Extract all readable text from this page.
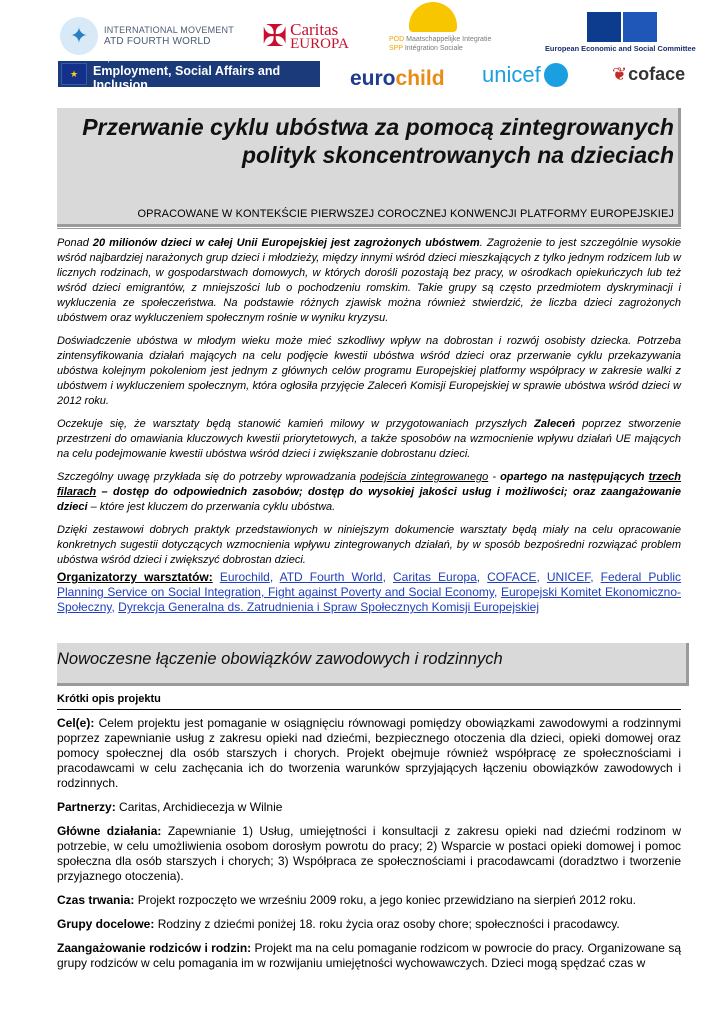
✦	INTERNATIONAL MOVEMENT
ATD FOURTH WORLD	✠ Caritas
EUROPA	POD Maatschappelijke Integratie
SPP Intégration Sociale	European Economic and Social Committee
★
European Commission
Employment, Social Affairs and Inclusion	euro child unicef	❦ coface
Przerwanie cyklu ubóstwa za pomocą zintegrowanych polityk skoncentrowanych na dzieciach
OPRACOWANE W KONTEKŚCIE PIERWSZEJ COROCZNEJ KONWENCJI PLATFORMY EUROPEJSKIEJ

Ponad 20 milionów dzieci w całej Unii Europejskiej jest zagrożonych ubóstwem. Zagrożenie to jest szczególnie wysokie wśród najbardziej narażonych grup dzieci i młodzieży, między innymi wśród dzieci mieszkających z tylko jednym rodzicem lub w licznych rodzinach, w gospodarstwach domowych, w których dorośli pozostają bez pracy, w ośrodkach opiekuńczych lub też wśród dzieci emigrantów, z mniejszości lub o pochodzeniu romskim. Takie grupy są często przedmiotem dyskryminacji i wykluczenia ze społeczeństwa. Na podstawie różnych zjawisk można również stwierdzić, że liczba dzieci zagrożonych ubóstwem oraz wykluczeniem społecznym rośnie w wyniku kryzysu.

Doświadczenie ubóstwa w młodym wieku może mieć szkodliwy wpływ na dobrostan i rozwój osobisty dziecka. Potrzeba zintensyfikowania działań mających na celu podjęcie kwestii ubóstwa wśród dzieci oraz przerwanie cyklu przekazywania ubóstwa kolejnym pokoleniom jest jednym z głównych celów programu Europejskiej platformy współpracy w zakresie walki z ubóstwem i wykluczeniem społecznym, która ogłosiła przyjęcie Zaleceń Komisji Europejskiej w sprawie ubóstwa wśród dzieci w 2012 roku.

Oczekuje się, że warsztaty będą stanowić kamień milowy w przygotowaniach przyszłych Zaleceń poprzez stworzenie przestrzeni do omawiania kluczowych kwestii priorytetowych, a także sposobów na wzmocnienie wpływu działań UE mających na celu podejmowanie kwestii ubóstwa wśród dzieci i zwiększanie dobrostanu dzieci.

Szczególny uwagę przykłada się do potrzeby wprowadzania podejścia zintegrowanego - opartego na następujących trzech filarach – dostęp do odpowiednich zasobów; dostęp do wysokiej jakości usług i możliwości; oraz zaangażowanie dzieci – które jest kluczem do przerwania cyklu ubóstwa.

Dzięki zestawowi dobrych praktyk przedstawionych w niniejszym dokumencie warsztaty będą miały na celu opracowanie konkretnych sugestii dotyczących wzmocnienia wpływu zintegrowanych działań, by w sposób bezpośredni rozwiązać problem ubóstwa wśród dzieci i zwiększyć dobrostan dzieci.

Organizatorzy warsztatów: Eurochild, ATD Fourth World, Caritas Europa, COFACE, UNICEF, Federal Public Planning Service on Social Integration, Fight against Poverty and Social Economy, Europejski Komitet Ekonomiczno-Społeczny, Dyrekcja Generalna ds. Zatrudnienia i Spraw Społecznych Komisji Europejskiej
Nowoczesne łączenie obowiązków zawodowych i rodzinnych
Krótki opis projektu

Cel(e): Celem projektu jest pomaganie w osiągnięciu równowagi pomiędzy obowiązkami zawodowymi a rodzinnymi poprzez zapewnianie usług z zakresu opieki nad dziećmi, bezpiecznego otoczenia dla dzieci, opieki domowej oraz pomocy społecznej dla osób starszych i chorych. Projekt obejmuje również współpracę ze społecznościami i pracodawcami w celu zachęcania ich do tworzenia warunków sprzyjających łączeniu obowiązków zawodowych i rodzinnych.

Partnerzy: Caritas, Archidiecezja w Wilnie

Główne działania: Zapewnianie 1) Usług, umiejętności i konsultacji z zakresu opieki nad dziećmi rodzinom w potrzebie, w celu umożliwienia osobom dorosłym powrotu do pracy; 2) Wsparcie w postaci opieki domowej i pomoc społeczna dla osób starszych i chorych; 3) Współpraca ze społecznościami i pracodawcami (doradztwo i tworzenie przyjaznego otoczenia).

Czas trwania: Projekt rozpoczęto we wrześniu 2009 roku, a jego koniec przewidziano na sierpień 2012 roku.

Grupy docelowe: Rodziny z dziećmi poniżej 18. roku życia oraz osoby chore; społeczności i pracodawcy.

Zaangażowanie rodziców i rodzin: Projekt ma na celu pomaganie rodzicom w powrocie do pracy. Organizowane są grupy rodziców w celu pomagania im w rozwijaniu umiejętności wychowawczych. Dzieci mogą spędzać czas w
